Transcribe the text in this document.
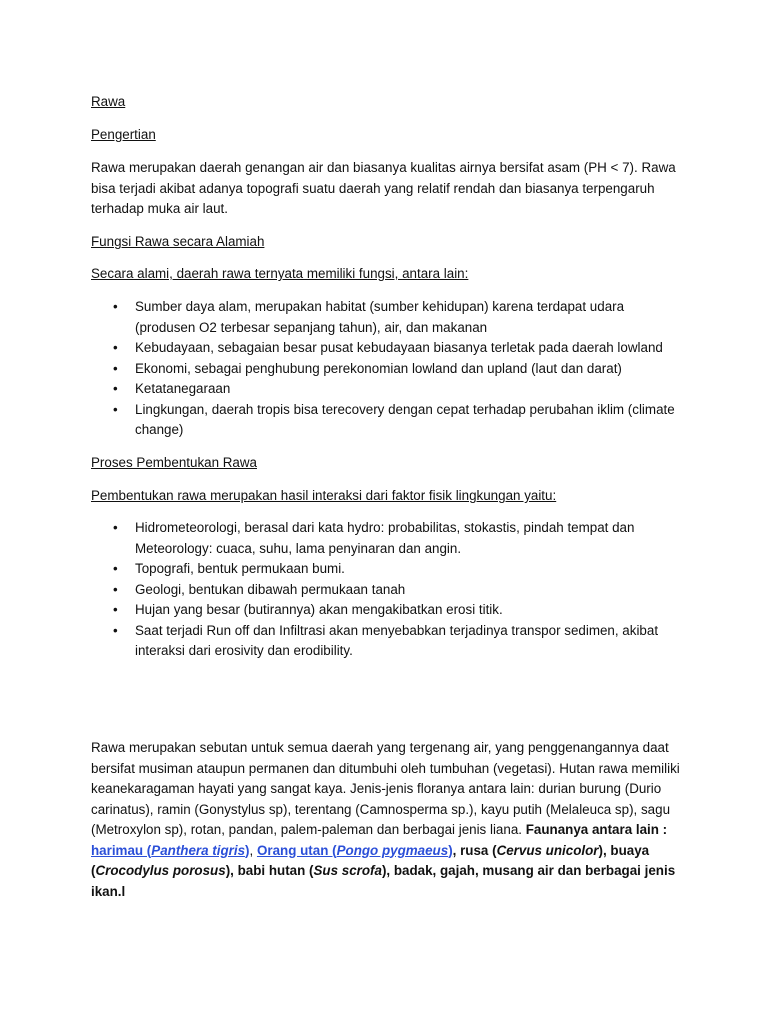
Rawa

Pengertian

Rawa merupakan daerah genangan air dan biasanya kualitas airnya bersifat asam (PH < 7). Rawa bisa terjadi akibat adanya topografi suatu daerah yang relatif rendah dan biasanya terpengaruh terhadap muka air laut.

Fungsi Rawa secara Alamiah

Secara alami, daerah rawa ternyata memiliki fungsi, antara lain:

• Sumber daya alam, merupakan habitat (sumber kehidupan) karena terdapat udara (produsen O2 terbesar sepanjang tahun), air, dan makanan
• Kebudayaan, sebagaian besar pusat kebudayaan biasanya terletak pada daerah lowland
• Ekonomi, sebagai penghubung perekonomian lowland dan upland (laut dan darat)
• Ketatanegaraan
• Lingkungan, daerah tropis bisa terecovery dengan cepat terhadap perubahan iklim (climate change)

Proses Pembentukan Rawa

Pembentukan rawa merupakan hasil interaksi dari faktor fisik lingkungan yaitu:

• Hidrometeorologi, berasal dari kata hydro: probabilitas, stokastis, pindah tempat dan Meteorology: cuaca, suhu, lama penyinaran dan angin.
• Topografi, bentuk permukaan bumi.
• Geologi, bentukan dibawah permukaan tanah
• Hujan yang besar (butirannya) akan mengakibatkan erosi titik.
• Saat terjadi Run off dan Infiltrasi akan menyebabkan terjadinya transpor sedimen, akibat interaksi dari erosivity dan erodibility.

Rawa merupakan sebutan untuk semua daerah yang tergenang air, yang penggenangannya daat bersifat musiman ataupun permanen dan ditumbuhi oleh tumbuhan (vegetasi). Hutan rawa memiliki keanekaragaman hayati yang sangat kaya. Jenis-jenis floranya antara lain: durian burung (Durio carinatus), ramin (Gonystylus sp), terentang (Camnosperma sp.), kayu putih (Melaleuca sp), sagu (Metroxylon sp), rotan, pandan, palem-paleman dan berbagai jenis liana. Faunanya antara lain : harimau (Panthera tigris), Orang utan (Pongo pygmaeus), rusa (Cervus unicolor), buaya (Crocodylus porosus), babi hutan (Sus scrofa), badak, gajah, musang air dan berbagai jenis ikan.l
